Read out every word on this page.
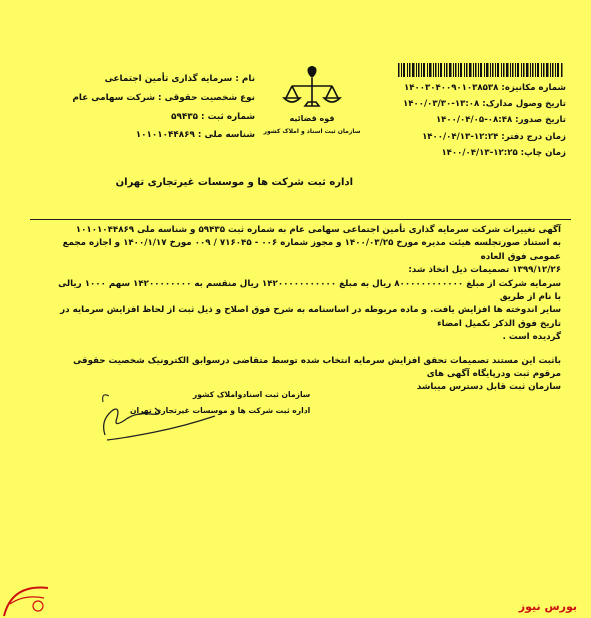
شماره مکانیزه: ۱۴۰۰۳۰۴۰۰۹۰۱۰۳۸۵۳۸
تاریخ وصول مدارک: ۱۳:۰۸-۱۴۰۰/۰۳/۳۰
تاریخ صدور: ۰۸:۴۸-۱۴۰۰/۰۴/۰۵
زمان درج دفتر: ۱۲:۲۴-۱۴۰۰/۰۴/۱۳
زمان چاپ: ۱۲:۲۵-۱۴۰۰/۰۴/۱۳
قوه قضائیه
سازمان ثبت اسناد و املاک کشور
نام : سرمایه گذاری تأمین اجتماعی
نوع شخصیت حقوقی : شرکت سهامی عام
شماره ثبت : ۵۹۴۳۵
شناسه ملی : ۱۰۱۰۱۰۴۴۸۶۹
اداره ثبت شرکت ها و موسسات غیرتجاری تهران

آگهی تغییرات شرکت سرمایه گذاری تأمین اجتماعی سهامی عام به شماره ثبت ۵۹۴۳۵ و شناسه ملی ۱۰۱۰۱۰۴۴۸۶۹

به استناد صورتجلسه هیئت مدیره مورخ ۱۴۰۰/۰۳/۲۵ و مجوز شماره ۰۰۶ - ۷۱۶۰۴۵ / ۰۰۹ مورخ ۱۴۰۰/۱/۱۷ و اجازه مجمع عمومی فوق العاده

۱۳۹۹/۱۲/۲۶ تصمیمات ذیل اتخاذ شد:

سرمایه شرکت از مبلغ ۸۰۰۰۰۰۰۰۰۰۰۰۰ ریال به مبلغ ۱۴۲۰۰۰۰۰۰۰۰۰۰۰ ریال منقسم به ۱۴۲۰۰۰۰۰۰۰۰ سهم ۱۰۰۰ ریالی با نام از طریق

سایر اندوخته ها افزایش یافت. و ماده مربوطه در اساسنامه به شرح فوق اصلاح و ذیل ثبت از لحاظ افزایش سرمایه در تاریخ فوق الذکر تکمیل امضاء

گردیده است .

باثبت این مستند تصمیمات تحقق افزایش سرمایه انتخاب شده توسط متقاضی درسوابق الکترونیک شخصیت حقوقی مرقوم ثبت ودرپایگاه آگهی های

سازمان ثبت قابل دسترس میباشد

سازمان ثبت اسنادواملاک کشور
اداره ثبت شرکت ها و موسسات غیرتجاری تهران
بورس نیوز
